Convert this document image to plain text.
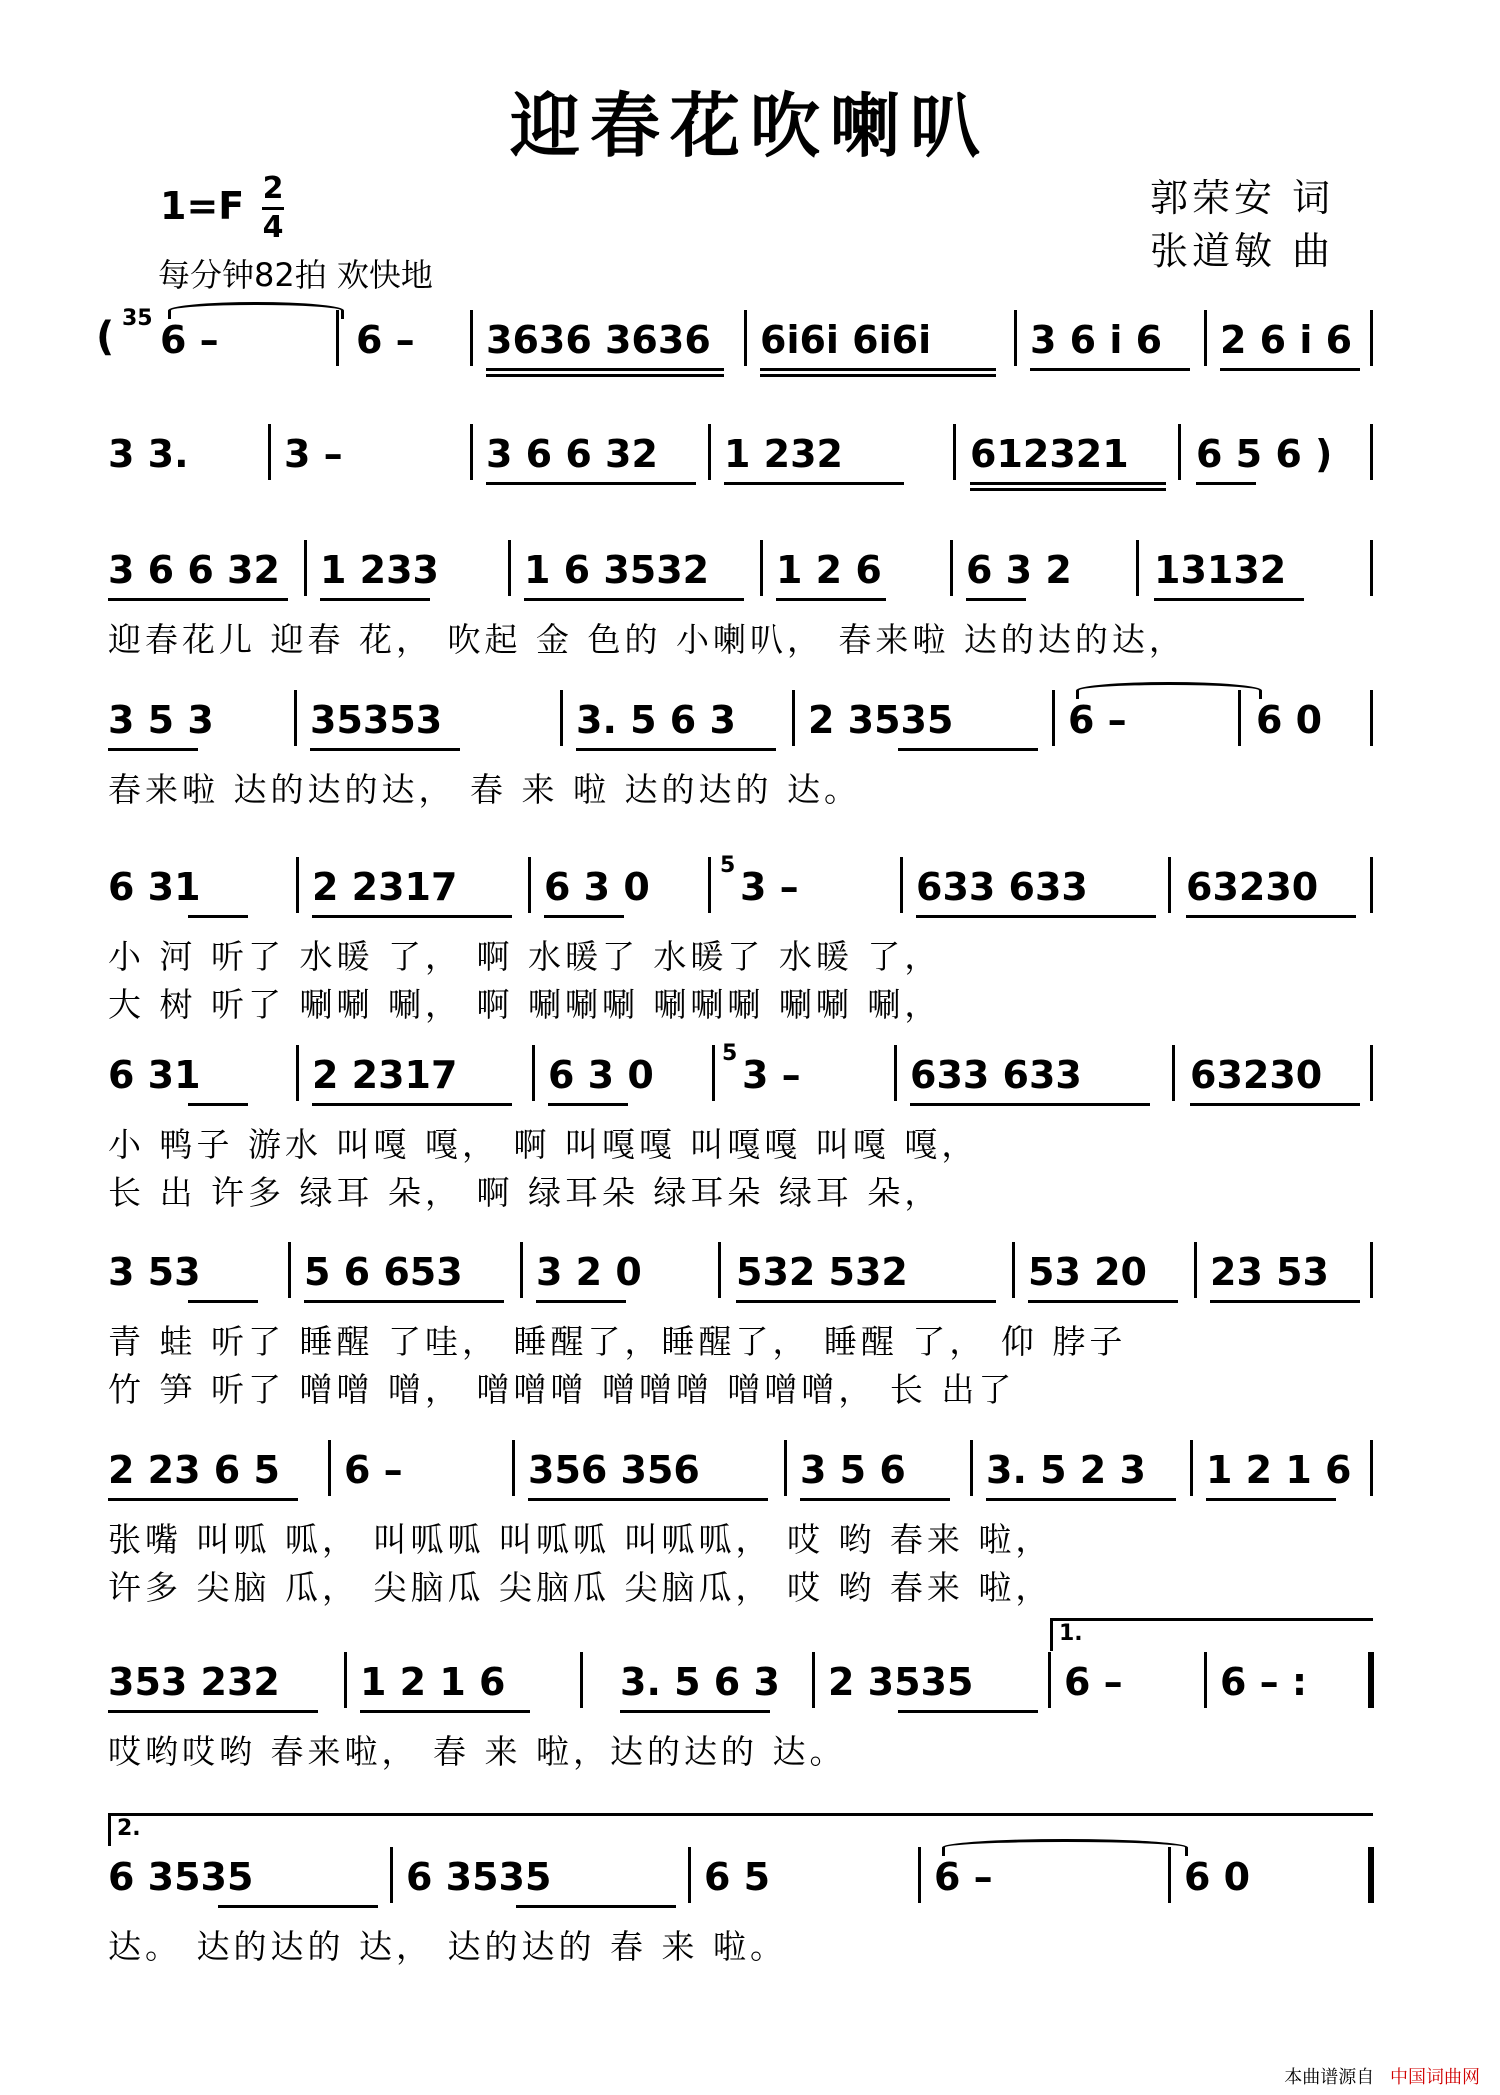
迎春花吹喇叭
1=F 2
4
每分钟82拍 欢快地
郭荣安 词
张道敏 曲
( 35 6 –	6 – 3636 3636 6i6i 6i6i	3 6 i 6 2 6 i 6
3 3.	3 –	3 6 6 32 1 232	612321 6 5 6 )
3 6 6 32 1 233 1 6 3532 1 2 6 6 3 2 13132
迎春花儿 迎春 花， 吹起 金 色的 小喇叭， 春来啦 达的达的达，
3 5 3	35353	3. 5 6 3 2 3535	6 –	6 0
春来啦 达的达的达， 春 来 啦 达的达的 达。
6 31	2 2317 6 3 0	5 3 –	633 633	63230
小 河 听了 水暖 了， 啊 水暖了 水暖了 水暖 了，
大 树 听了 唰唰 唰， 啊 唰唰唰 唰唰唰 唰唰 唰，
6 31	2 2317 6 3 0	5 3 –	633 633	63230
小 鸭子 游水 叫嘎 嘎， 啊 叫嘎嘎 叫嘎嘎 叫嘎 嘎，
长 出 许多 绿耳 朵， 啊 绿耳朵 绿耳朵 绿耳 朵，
3 53	5 6 653 3 2 0 532 532	53 20 23 53
青 蛙 听了 睡醒 了哇， 睡醒了，睡醒了， 睡醒 了， 仰 脖子
竹 笋 听了 噌噌 噌， 噌噌噌 噌噌噌 噌噌噌， 长 出了
2 23 6 5 6 –	356 356	3 5 6 3. 5 2 3 1 2 1 6
张嘴 叫呱 呱， 叫呱呱 叫呱呱 叫呱呱， 哎 哟 春来 啦，
许多 尖脑 瓜， 尖脑瓜 尖脑瓜 尖脑瓜， 哎 哟 春来 啦，
1.
353 232 1 2 1 6	3. 5 6 3 2 3535 6 –	6 – :
哎哟哎哟 春来啦， 春 来 啦，达的达的 达。
2.
6 3535	6 3535	6 5	6 –	6 0
达。 达的达的 达， 达的达的 春 来 啦。
本曲谱源自 中国词曲网
